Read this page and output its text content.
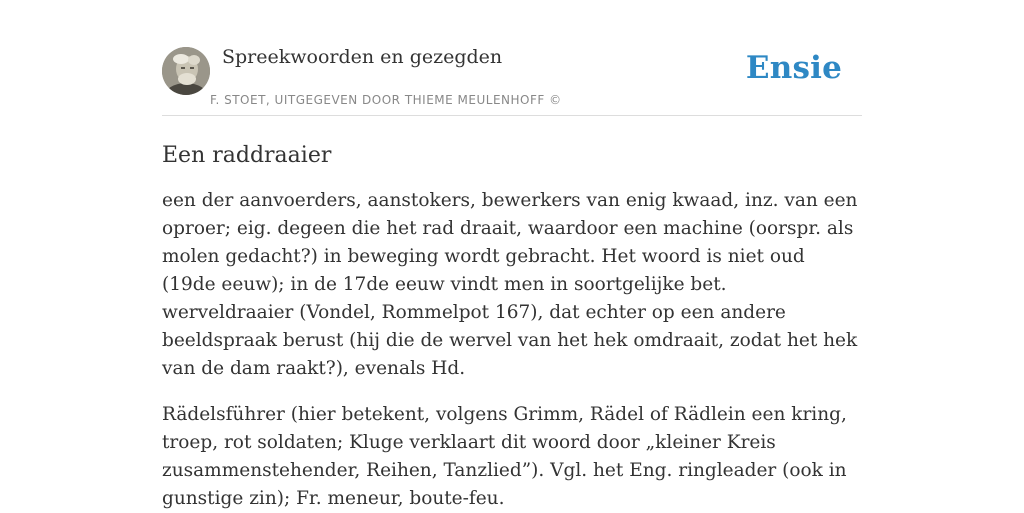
Spreekwoorden en gezegden
F. STOET, UITGEGEVEN DOOR THIEME MEULENHOFF ©
Ensie
Een raddraaier

een der aanvoerders, aanstokers, bewerkers van enig kwaad, inz. van een oproer; eig. degeen die het rad draait, waardoor een machine (oorspr. als molen gedacht?) in beweging wordt gebracht. Het woord is niet oud (19de eeuw); in de 17de eeuw vindt men in soortgelijke bet. werveldraaier (Vondel, Rommelpot 167), dat echter op een andere beeldspraak berust (hij die de wervel van het hek omdraait, zodat het hek van de dam raakt?), evenals Hd.

Rädelsführer (hier betekent, volgens Grimm, Rädel of Rädlein een kring, troep, rot soldaten; Kluge verklaart dit woord door „kleiner Kreis zusammenstehender, Reihen, Tanzlied”). Vgl. het Eng. ringleader (ook in gunstige zin); Fr. meneur, boute-feu.
